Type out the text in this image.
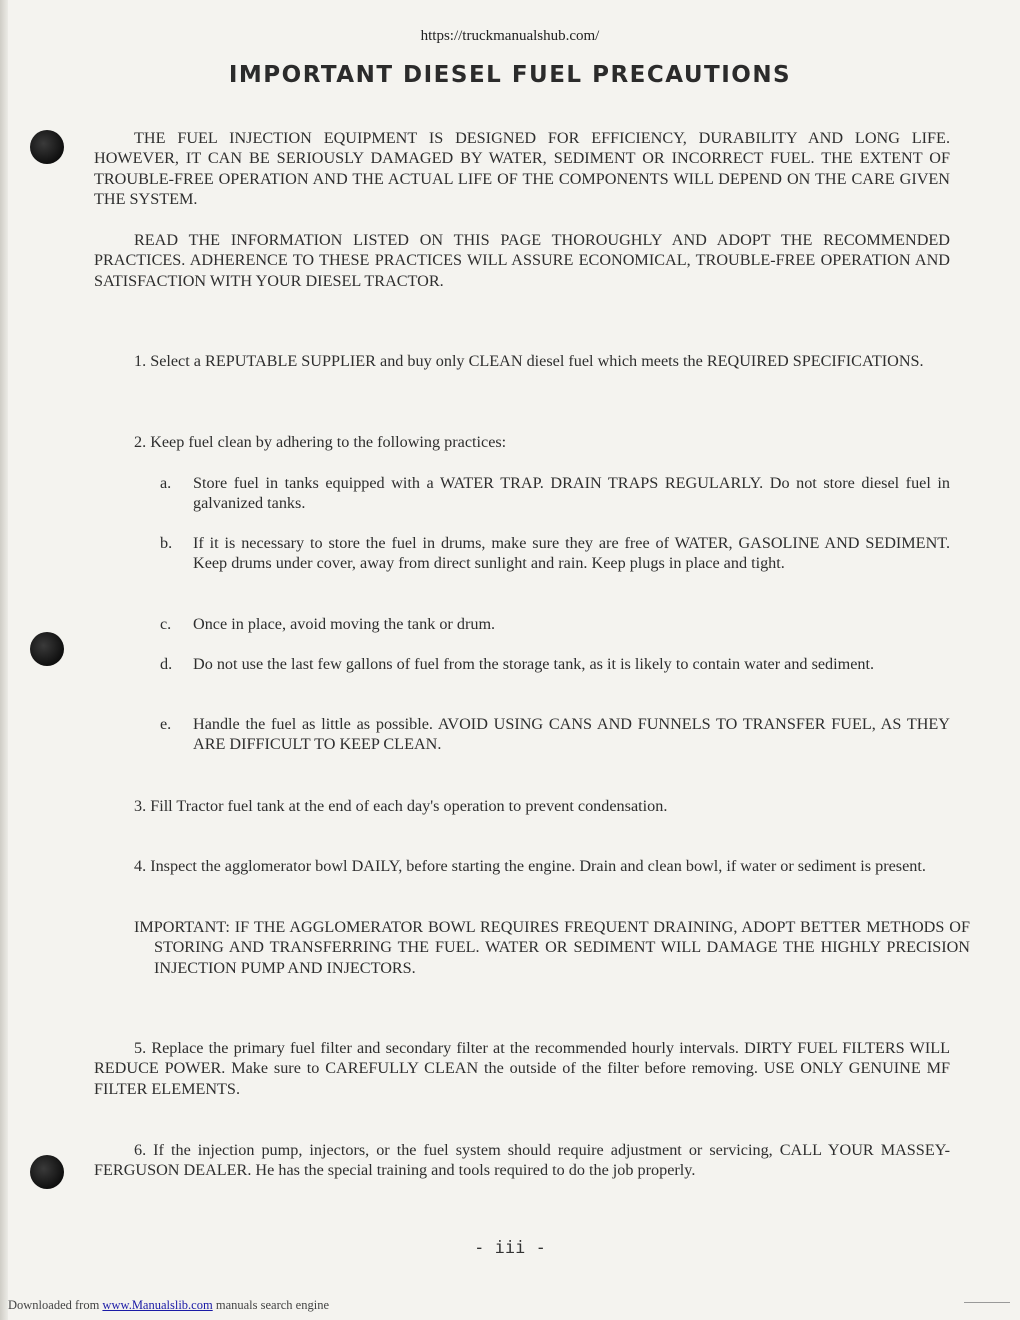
https://truckmanualshub.com/
IMPORTANT DIESEL FUEL PRECAUTIONS
THE FUEL INJECTION EQUIPMENT IS DESIGNED FOR EFFICIENCY, DURABILITY AND LONG LIFE. HOWEVER, IT CAN BE SERIOUSLY DAMAGED BY WATER, SEDIMENT OR INCORRECT FUEL. THE EXTENT OF TROUBLE-FREE OPERATION AND THE ACTUAL LIFE OF THE COMPONENTS WILL DEPEND ON THE CARE GIVEN THE SYSTEM.
READ THE INFORMATION LISTED ON THIS PAGE THOROUGHLY AND ADOPT THE RECOMMENDED PRACTICES. ADHERENCE TO THESE PRACTICES WILL ASSURE ECONOMICAL, TROUBLE-FREE OPERATION AND SATISFACTION WITH YOUR DIESEL TRACTOR.
1. Select a REPUTABLE SUPPLIER and buy only CLEAN diesel fuel which meets the REQUIRED SPECIFICATIONS.
2. Keep fuel clean by adhering to the following practices:
a. Store fuel in tanks equipped with a WATER TRAP. DRAIN TRAPS REGULARLY. Do not store diesel fuel in galvanized tanks.
b. If it is necessary to store the fuel in drums, make sure they are free of WATER, GASOLINE AND SEDIMENT. Keep drums under cover, away from direct sunlight and rain. Keep plugs in place and tight.
c. Once in place, avoid moving the tank or drum.
d. Do not use the last few gallons of fuel from the storage tank, as it is likely to contain water and sediment.
e. Handle the fuel as little as possible. AVOID USING CANS AND FUNNELS TO TRANSFER FUEL, AS THEY ARE DIFFICULT TO KEEP CLEAN.
3. Fill Tractor fuel tank at the end of each day's operation to prevent condensation.
4. Inspect the agglomerator bowl DAILY, before starting the engine. Drain and clean bowl, if water or sediment is present.
IMPORTANT: IF THE AGGLOMERATOR BOWL REQUIRES FREQUENT DRAINING, ADOPT BETTER METHODS OF STORING AND TRANSFERRING THE FUEL. WATER OR SEDIMENT WILL DAMAGE THE HIGHLY PRECISION INJECTION PUMP AND INJECTORS.
5. Replace the primary fuel filter and secondary filter at the recommended hourly intervals. DIRTY FUEL FILTERS WILL REDUCE POWER. Make sure to CAREFULLY CLEAN the outside of the filter before removing. USE ONLY GENUINE MF FILTER ELEMENTS.
6. If the injection pump, injectors, or the fuel system should require adjustment or servicing, CALL YOUR MASSEY-FERGUSON DEALER. He has the special training and tools required to do the job properly.
- iii -
Downloaded from www.Manualslib.com manuals search engine
